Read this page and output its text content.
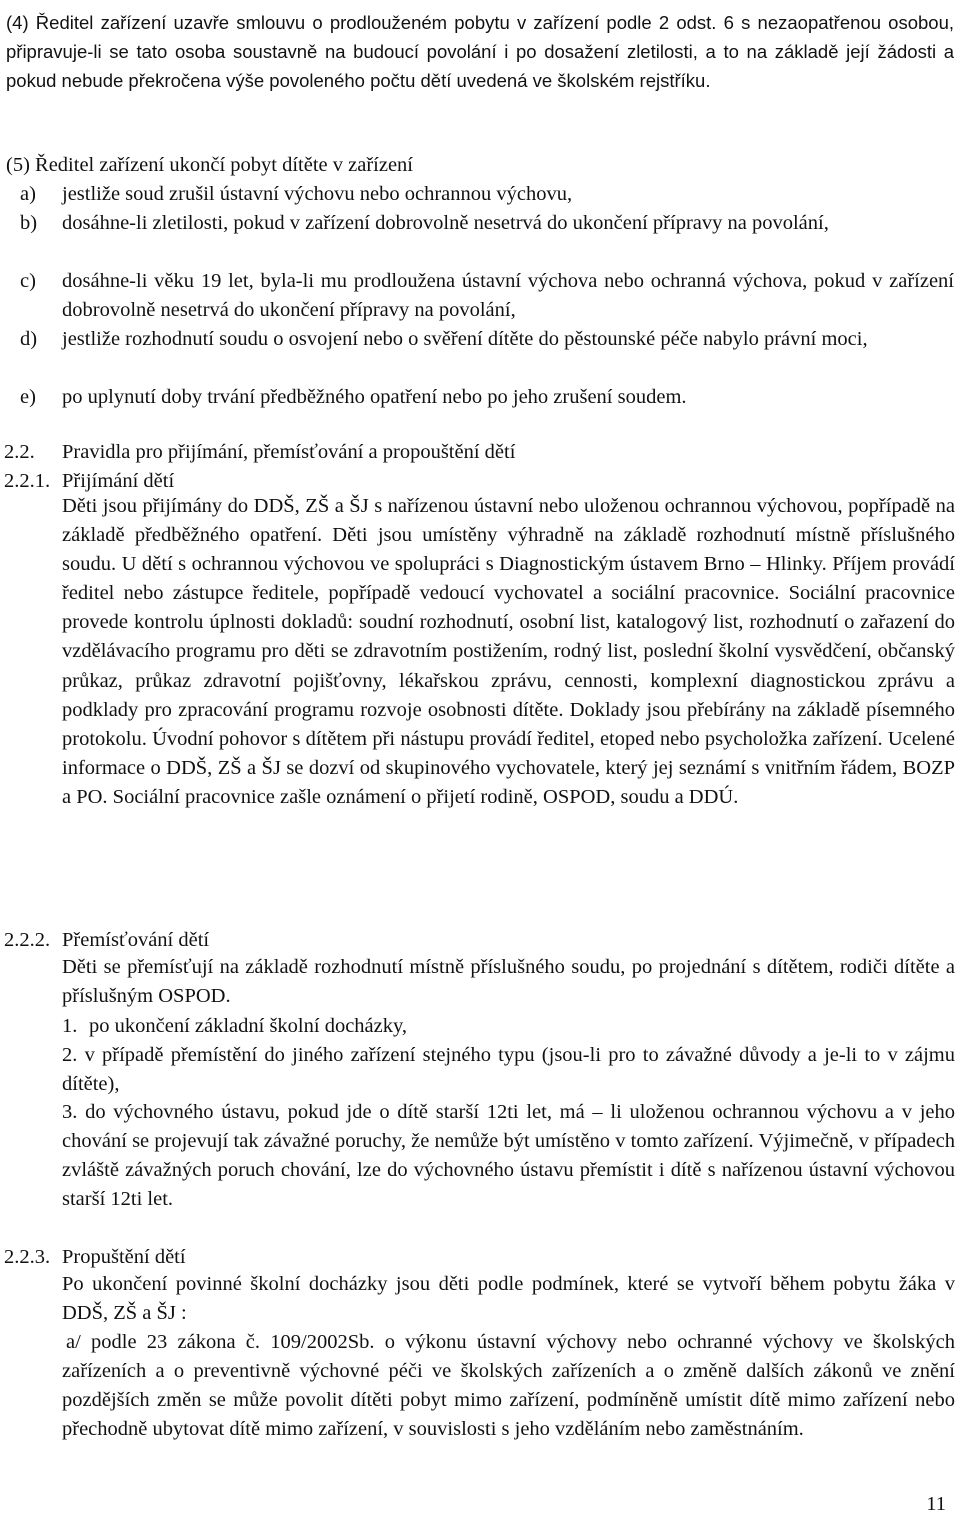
(4) Ředitel zařízení uzavře smlouvu o prodlouženém pobytu v zařízení podle 2 odst. 6 s nezaopatřenou osobou, připravuje-li se tato osoba soustavně na budoucí povolání i po dosažení zletilosti, a to na základě její žádosti a pokud nebude překročena výše povoleného počtu dětí uvedená ve školském rejstříku.

(5) Ředitel zařízení ukončí pobyt dítěte v zařízení
a) jestliže soud zrušil ústavní výchovu nebo ochrannou výchovu,
b) dosáhne-li zletilosti, pokud v zařízení dobrovolně nesetrvá do ukončení přípravy na povolání,
c) dosáhne-li věku 19 let, byla-li mu prodloužena ústavní výchova nebo ochranná výchova, pokud v zařízení dobrovolně nesetrvá do ukončení přípravy na povolání,
d) jestliže rozhodnutí soudu o osvojení nebo o svěření dítěte do pěstounské péče nabylo právní moci,
e) po uplynutí doby trvání předběžného opatření nebo po jeho zrušení soudem.
2.2. Pravidla pro přijímání, přemísťování a propouštění dětí
2.2.1. Přijímání dětí

Děti jsou přijímány do DDŠ, ZŠ a ŠJ s nařízenou ústavní nebo uloženou ochrannou výchovou, popřípadě na základě předběžného opatření. Děti jsou umístěny výhradně na základě rozhodnutí místně příslušného soudu. U dětí s ochrannou výchovou ve spolupráci s Diagnostickým ústavem Brno – Hlinky. Příjem provádí ředitel nebo zástupce ředitele, popřípadě vedoucí vychovatel a sociální pracovnice. Sociální pracovnice provede kontrolu úplnosti dokladů: soudní rozhodnutí, osobní list, katalogový list, rozhodnutí o zařazení do vzdělávacího programu pro děti se zdravotním postižením, rodný list, poslední školní vysvědčení, občanský průkaz, průkaz zdravotní pojišťovny, lékařskou zprávu, cennosti, komplexní diagnostickou zprávu a podklady pro zpracování programu rozvoje osobnosti dítěte. Doklady jsou přebírány na základě písemného protokolu. Úvodní pohovor s dítětem při nástupu provádí ředitel, etoped nebo psycholožka zařízení. Ucelené informace o DDŠ, ZŠ a ŠJ se dozví od skupinového vychovatele, který jej seznámí s vnitřním řádem, BOZP a PO. Sociální pracovnice zašle oznámení o přijetí rodině, OSPOD, soudu a DDÚ.

2.2.2. Přemísťování dětí

Děti se přemísťují na základě rozhodnutí místně příslušného soudu, po projednání s dítětem, rodiči dítěte a příslušným OSPOD.

1. po ukončení základní školní docházky,
2. v případě přemístění do jiného zařízení stejného typu (jsou-li pro to závažné důvody a je-li to v zájmu dítěte),
3. do výchovného ústavu, pokud jde o dítě starší 12ti let, má – li uloženou ochrannou výchovu a v jeho chování se projevují tak závažné poruchy, že nemůže být umístěno v tomto zařízení. Výjimečně, v případech zvláště závažných poruch chování, lze do výchovného ústavu přemístit i dítě s nařízenou ústavní výchovou starší 12ti let.
2.2.3. Propuštění dětí

Po ukončení povinné školní docházky jsou děti podle podmínek, které se vytvoří během pobytu žáka v DDŠ, ZŠ a ŠJ :

a/ podle 23 zákona č. 109/2002Sb. o výkonu ústavní výchovy nebo ochranné výchovy ve školských zařízeních a o preventivně výchovné péči ve školských zařízeních a o změně dalších zákonů ve znění pozdějších změn se může povolit dítěti pobyt mimo zařízení, podmíněně umístit dítě mimo zařízení nebo přechodně ubytovat dítě mimo zařízení, v souvislosti s jeho vzděláním nebo zaměstnáním.

11
